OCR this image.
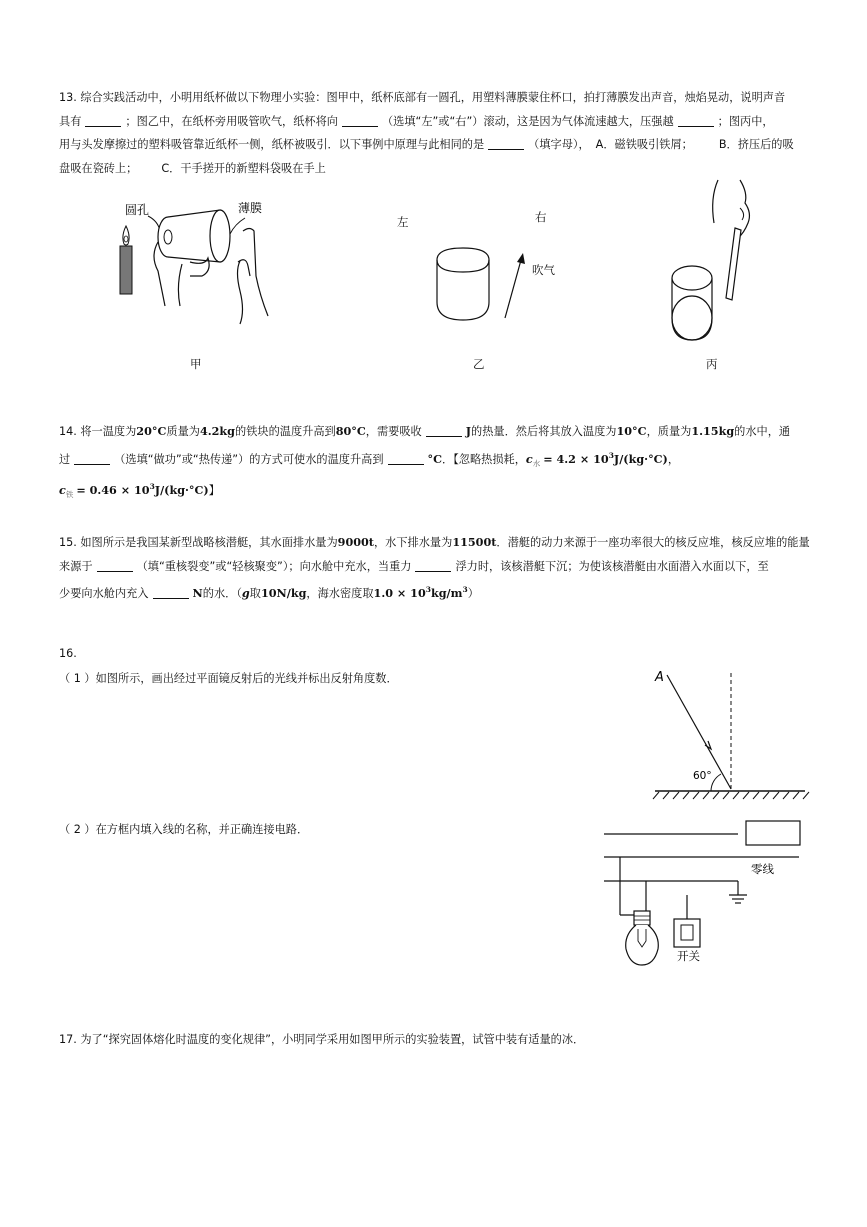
13. 综合实践活动中，小明用纸杯做以下物理小实验：图甲中，纸杯底部有一圆孔，用塑料薄膜蒙住杯口，拍打薄膜发出声音，烛焰晃动，说明声音
具有	；图乙中，在纸杯旁用吸管吹气，纸杯将向	（选填“左”或“右”）滚动，这是因为气体流速越大，压强越	；图丙中，
用与头发摩擦过的塑料吸管靠近纸杯一侧，纸杯被吸引．以下事例中原理与此相同的是	（填字母）， A．磁铁吸引铁屑； B．挤压后的吸
盘吸在瓷砖上； C．干手搓开的新塑料袋吸在手上

圆孔	薄膜
甲
左	右
吹气
乙	丙

14. 将一温度为20°C质量为4.2kg的铁块的温度升高到80°C，需要吸收	J的热量．然后将其放入温度为10°C，质量为1.15kg的水中，通
过	（选填“做功”或“热传递”）的方式可使水的温度升高到	°C．【忽略热损耗，$c_水 = 4.2 \times 10^3J/(kg\cdot^\circ C)$，
$c_铁 = 0.46 \times 10^3J/(kg\cdot^\circ C)$】

15. 如图所示是我国某新型战略核潜艇，其水面排水量为9000t，水下排水量为11500t．潜艇的动力来源于一座功率很大的核反应堆，核反应堆的能量
来源于	（填“重核裂变”或“轻核聚变”）；向水舱中充水，当重力	浮力时，该核潜艇下沉；为使该核潜艇由水面潜入水面以下，至
少要向水舱内充入	N的水．（g取10N/kg，海水密度取$1.0 \times 10^3kg/m^3$）

16.
（ 1 ）如图所示，画出经过平面镜反射后的光线并标出反射角度数．
（ 2 ）在方框内填入线的名称，并正确连接电路．
A
60°
零线
开关
17. 为了“探究固体熔化时温度的变化规律”，小明同学采用如图甲所示的实验装置，试管中装有适量的冰．
